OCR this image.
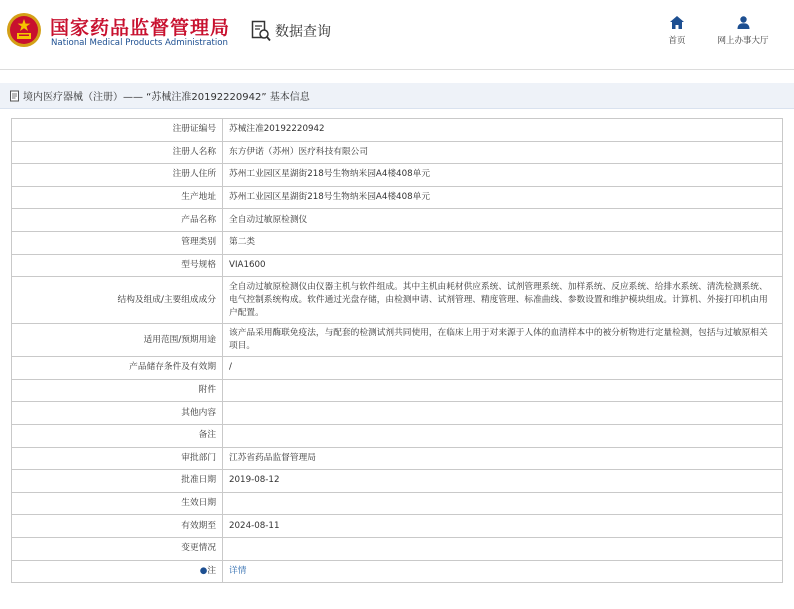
国家药品监督管理局
National Medical Products Administration
数据查询
首页	网上办事大厅
境内医疗器械（注册）—— “苏械注准20192220942” 基本信息
注册证编号	苏械注准20192220942
注册人名称	东方伊诺（苏州）医疗科技有限公司
注册人住所	苏州工业园区星湖街218号生物纳米园A4楼408单元
生产地址	苏州工业园区星湖街218号生物纳米园A4楼408单元
产品名称	全自动过敏原检测仪
管理类别	第二类
型号规格	VIA1600
结构及组成/主要组成成分	全自动过敏原检测仪由仪器主机与软件组成。其中主机由耗材供应系统、试剂管理系统、加样系统、反应系统、给排水系统、清洗检测系统、电气控制系统构成。软件通过光盘存储，由检测申请、试剂管理、精度管理、标准曲线、参数设置和维护模块组成。计算机、外接打印机由用户配置。
适用范围/预期用途	该产品采用酶联免疫法，与配套的检测试剂共同使用，在临床上用于对来源于人体的血清样本中的被分析物进行定量检测，包括与过敏原相关项目。
产品储存条件及有效期	/
附件	
其他内容	
备注	
审批部门	江苏省药品监督管理局
批准日期	2019-08-12
生效日期	
有效期至	2024-08-11
变更情况	
●注	详情
